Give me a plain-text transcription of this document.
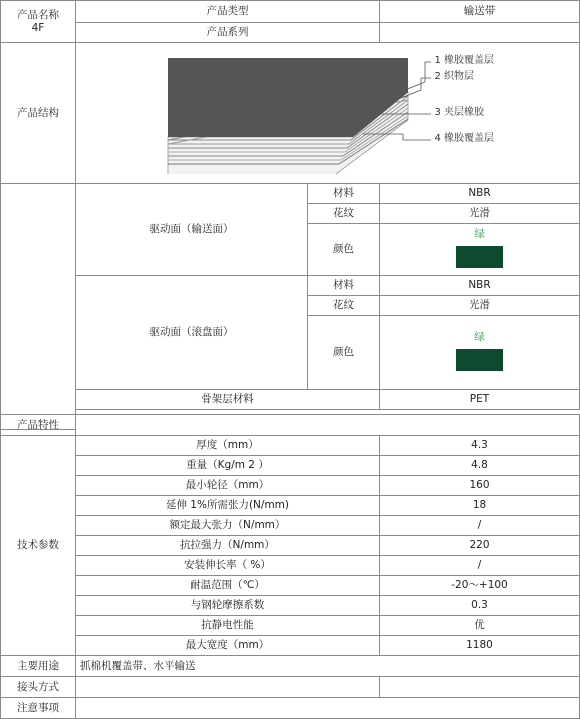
产品名称
4F	产品类型		输送带
	产品系列		
产品结构	1 橡胶覆盖层
2 织物层
3 夹层橡胶
4 橡胶覆盖层		

	驱动面（输送面）	材料	NBR
		花纹	光滑
		颜色	绿

	驱动面（滚盘面）	材料	NBR
		花纹	光滑
		颜色	绿

	骨架层材料		PET

产品特性		
技术参数	厚度（mm）	4.3
	重量（Kg/m 2 ）	4.8
	最小轮径（mm）	160
	延伸 1%所需张力(N/mm)	18
	额定最大张力（N/mm）	/
	抗拉强力（N/mm）	220
	安装伸长率（ %）	/
	耐温范围（℃）	-20～+100
	与钢轮摩擦系数	0.3
	抗静电性能	优
	最大宽度（mm）	1180
主要用途	抓棉机覆盖带、水平输送	
接头方式		
注意事项		
